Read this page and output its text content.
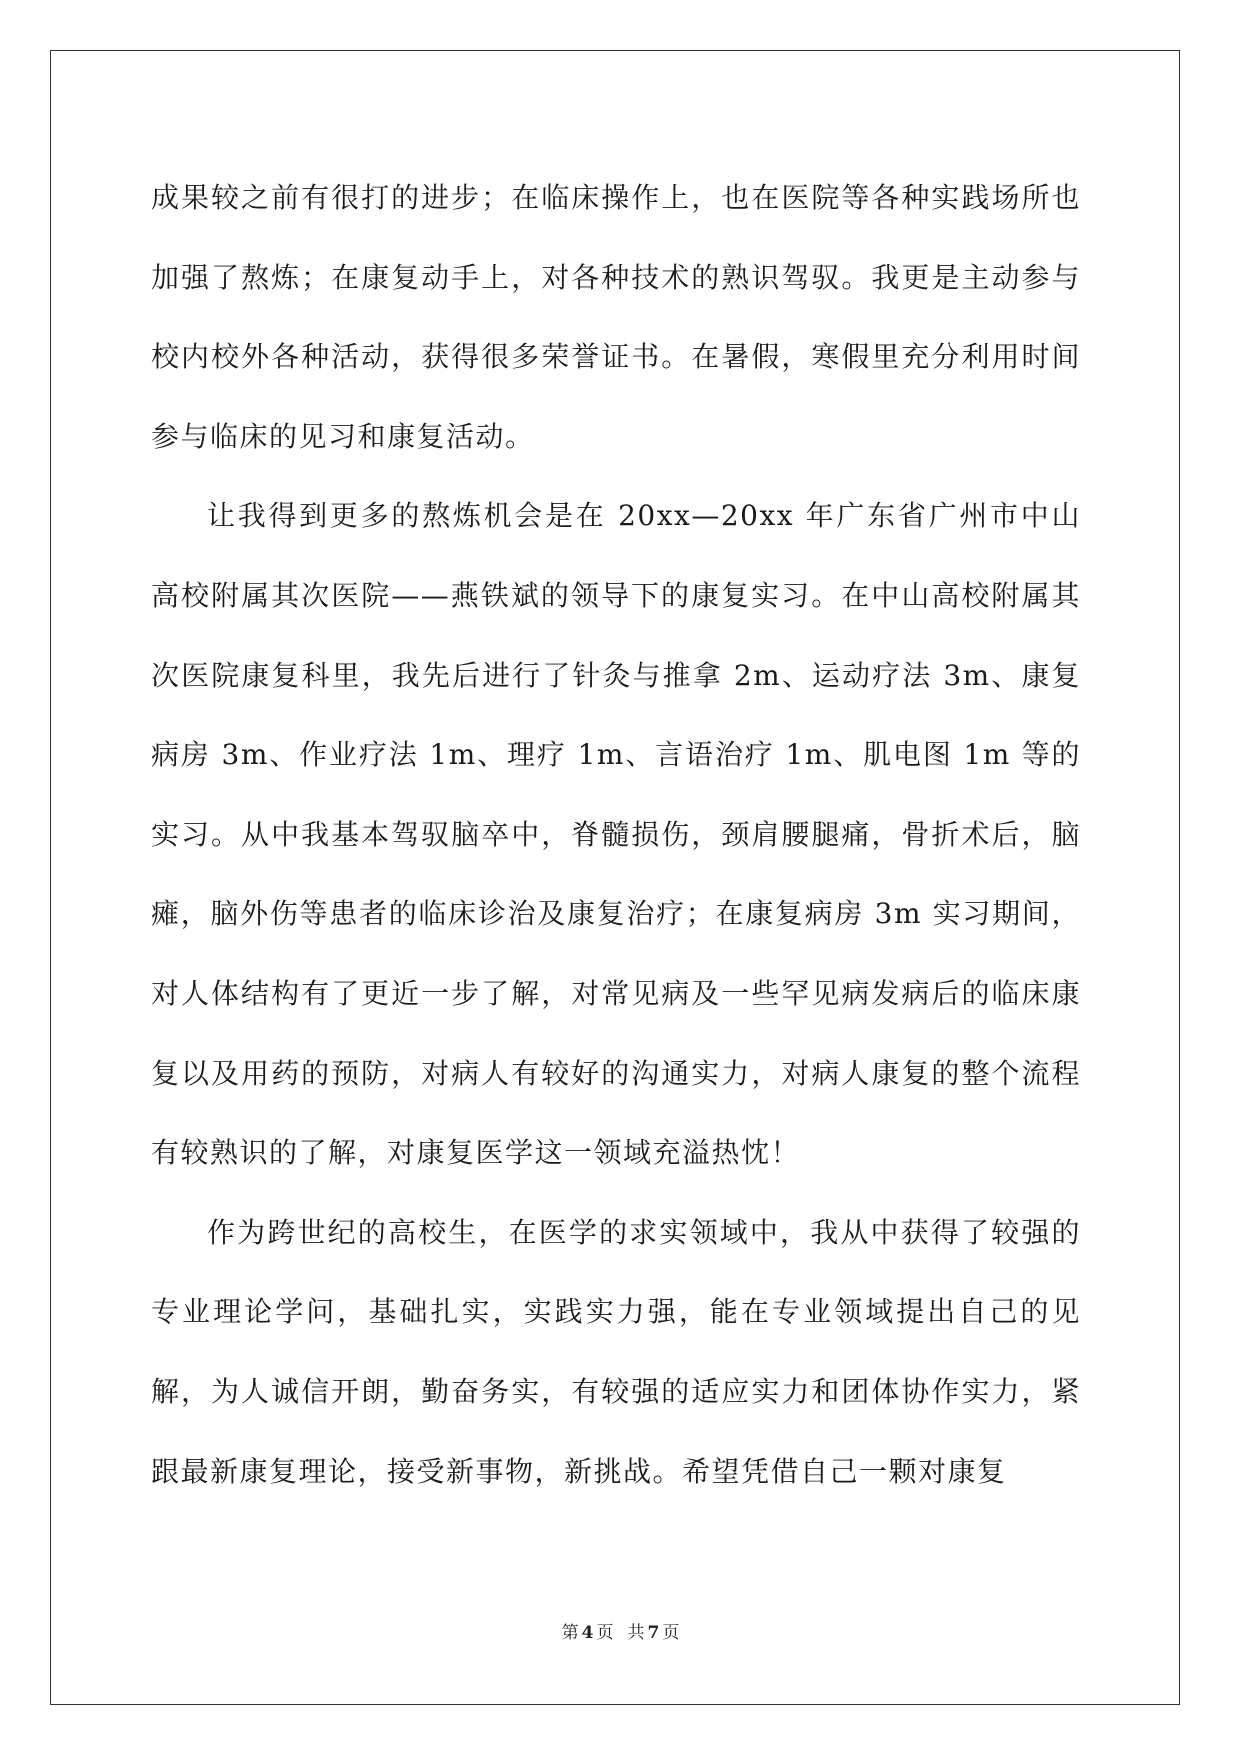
成果较之前有很打的进步；在临床操作上，也在医院等各种实践场所也加强了熬炼；在康复动手上，对各种技术的熟识驾驭。我更是主动参与校内校外各种活动，获得很多荣誉证书。在暑假，寒假里充分利用时间参与临床的见习和康复活动。

让我得到更多的熬炼机会是在 20xx—20xx 年广东省广州市中山高校附属其次医院——燕铁斌的领导下的康复实习。在中山高校附属其次医院康复科里，我先后进行了针灸与推拿 2m、运动疗法 3m、康复病房 3m、作业疗法 1m、理疗 1m、言语治疗 1m、肌电图 1m 等的实习。从中我基本驾驭脑卒中，脊髓损伤，颈肩腰腿痛，骨折术后，脑瘫，脑外伤等患者的临床诊治及康复治疗；在康复病房 3m 实习期间，对人体结构有了更近一步了解，对常见病及一些罕见病发病后的临床康复以及用药的预防，对病人有较好的沟通实力，对病人康复的整个流程有较熟识的了解，对康复医学这一领域充溢热忱！

作为跨世纪的高校生，在医学的求实领域中，我从中获得了较强的专业理论学问，基础扎实，实践实力强，能在专业领域提出自己的见解，为人诚信开朗，勤奋务实，有较强的适应实力和团体协作实力，紧跟最新康复理论，接受新事物，新挑战。希望凭借自己一颗对康复

第 4 页 共 7 页
